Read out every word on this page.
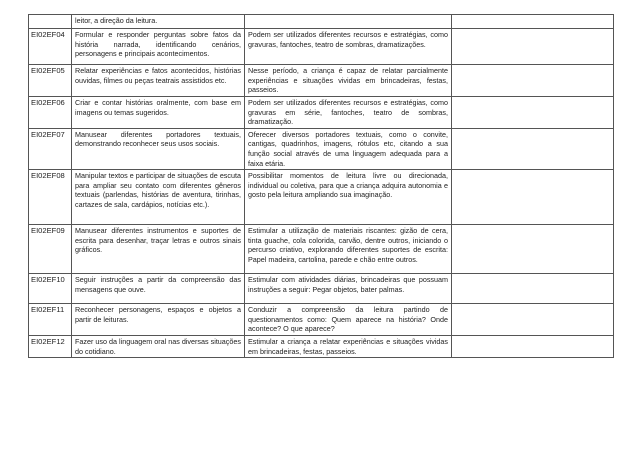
	leitor, a direção da leitura.		
EI02EF04	Formular e responder perguntas sobre fatos da história narrada, identificando cenários, personagens e principais acontecimentos.	Podem ser utilizados diferentes recursos e estratégias, como gravuras, fantoches, teatro de sombras, dramatizações.	
EI02EF05	Relatar experiências e fatos acontecidos, histórias ouvidas, filmes ou peças teatrais assistidos etc.	Nesse período, a criança é capaz de relatar parcialmente experiências e situações vividas em brincadeiras, festas, passeios.	
EI02EF06	Criar e contar histórias oralmente, com base em imagens ou temas sugeridos.	Podem ser utilizados diferentes recursos e estratégias, como gravuras em série, fantoches, teatro de sombras, dramatização.	
EI02EF07	Manusear diferentes portadores textuais, demonstrando reconhecer seus usos sociais.	Oferecer diversos portadores textuais, como o convite, cantigas, quadrinhos, imagens, rótulos etc, citando a sua função social através de uma linguagem adequada para a faixa etária.	
EI02EF08	Manipular textos e participar de situações de escuta para ampliar seu contato com diferentes gêneros textuais (parlendas, histórias de aventura, tirinhas, cartazes de sala, cardápios, notícias etc.).	Possibilitar momentos de leitura livre ou direcionada, individual ou coletiva, para que a criança adquira autonomia e gosto pela leitura ampliando sua imaginação.	
EI02EF09	Manusear diferentes instrumentos e suportes de escrita para desenhar, traçar letras e outros sinais gráficos.	Estimular a utilização de materiais riscantes: gizão de cera, tinta guache, cola colorida, carvão, dentre outros, iniciando o percurso criativo, explorando diferentes suportes de escrita: Papel madeira, cartolina, parede e chão entre outros.	
EI02EF10	Seguir instruções a partir da compreensão das mensagens que ouve.	Estimular com atividades diárias, brincadeiras que possuam instruções a seguir: Pegar objetos, bater palmas.	
EI02EF11	Reconhecer personagens, espaços e objetos a partir de leituras.	Conduzir a compreensão da leitura partindo de questionamentos como: Quem aparece na história? Onde acontece? O que aparece?	
EI02EF12	Fazer uso da linguagem oral nas diversas situações do cotidiano.	Estimular a criança a relatar experiências e situações vividas em brincadeiras, festas, passeios.	
